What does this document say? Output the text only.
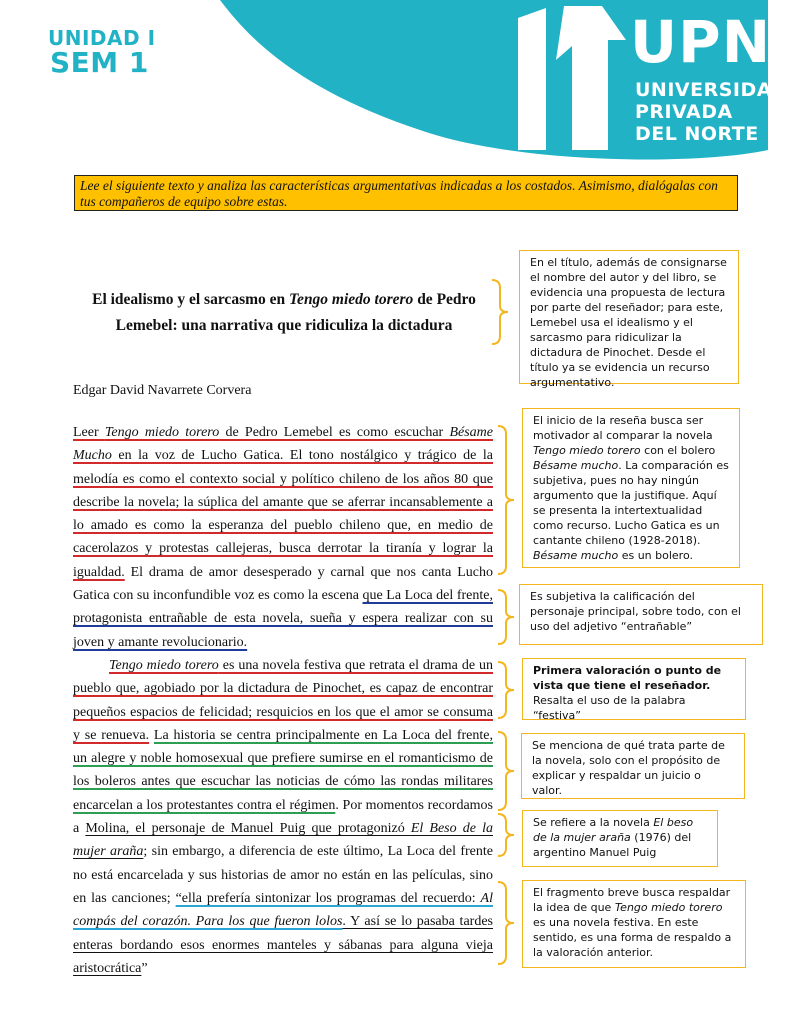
UNIDAD I
SEM 1	UPN
UNIVERSIDAD
PRIVADA
DEL NORTE
Lee el siguiente texto y analiza las características argumentativas indicadas a los costados. Asimismo, dialógalas con tus compañeros de equipo sobre estas.
El idealismo y el sarcasmo en Tengo miedo torero de Pedro Lemebel: una narrativa que ridiculiza la dictadura
Edgar David Navarrete Corvera

Leer Tengo miedo torero de Pedro Lemebel es como escuchar Bésame Mucho en la voz de Lucho Gatica. El tono nostálgico y trágico de la melodía es como el contexto social y político chileno de los años 80 que describe la novela; la súplica del amante que se aferrar incansablemente a lo amado es como la esperanza del pueblo chileno que, en medio de cacerolazos y protestas callejeras, busca derrotar la tiranía y lograr la igualdad. El drama de amor desesperado y carnal que nos canta Lucho Gatica con su inconfundible voz es como la escena que La Loca del frente, protagonista entrañable de esta novela, sueña y espera realizar con su joven y amante revolucionario.

Tengo miedo torero es una novela festiva que retrata el drama de un pueblo que, agobiado por la dictadura de Pinochet, es capaz de encontrar pequeños espacios de felicidad; resquicios en los que el amor se consuma y se renueva. La historia se centra principalmente en La Loca del frente, un alegre y noble homosexual que prefiere sumirse en el romanticismo de los boleros antes que escuchar las noticias de cómo las rondas militares encarcelan a los protestantes contra el régimen. Por momentos recordamos a Molina, el personaje de Manuel Puig que protagonizó El Beso de la mujer araña; sin embargo, a diferencia de este último, La Loca del frente no está encarcelada y sus historias de amor no están en las películas, sino en las canciones; “ella prefería sintonizar los programas del recuerdo: Al compás del corazón. Para los que fueron lolos. Y así se lo pasaba tardes enteras bordando esos enormes manteles y sábanas para alguna vieja aristocrática”

En el título, además de consignarse el nombre del autor y del libro, se evidencia una propuesta de lectura por parte del reseñador; para este, Lemebel usa el idealismo y el sarcasmo para ridiculizar la dictadura de Pinochet. Desde el título ya se evidencia un recurso argumentativo.
El inicio de la reseña busca ser motivador al comparar la novela Tengo miedo torero con el bolero Bésame mucho. La comparación es subjetiva, pues no hay ningún argumento que la justifique. Aquí se presenta la intertextualidad como recurso. Lucho Gatica es un cantante chileno (1928-2018). Bésame mucho es un bolero.
Es subjetiva la calificación del personaje principal, sobre todo, con el uso del adjetivo “entrañable”
Primera valoración o punto de vista que tiene el reseñador. Resalta el uso de la palabra “festiva”
Se menciona de qué trata parte de la novela, solo con el propósito de explicar y respaldar un juicio o valor.
Se refiere a la novela El beso de la mujer araña (1976) del argentino Manuel Puig
El fragmento breve busca respaldar la idea de que Tengo miedo torero es una novela festiva. En este sentido, es una forma de respaldo a la valoración anterior.
